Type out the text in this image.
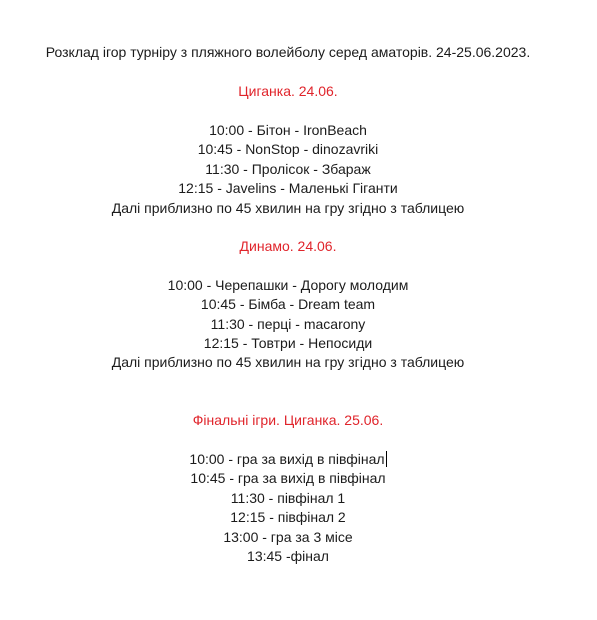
Розклад ігор турніру з пляжного волейболу серед аматорів. 24-25.06.2023.
Циганка. 24.06.
10:00 - Бітон - IronBeach
10:45 - NonStop - dinozavriki
11:30 - Пролісок - Збараж
12:15 - Javelins - Маленькі Гіганти
Далі приблизно по 45 хвилин на гру згідно з таблицею
Динамо. 24.06.
10:00 - Черепашки - Дорогу молодим
10:45 - Бімба - Dream team
11:30 - перці - macarony
12:15 - Товтри - Непосиди
Далі приблизно по 45 хвилин на гру згідно з таблицею
Фінальні ігри. Циганка. 25.06.
10:00 - гра за вихід в півфінал
10:45 - гра за вихід в півфінал
11:30 - півфінал 1
12:15 - півфінал 2
13:00 - гра за 3 місе
13:45 -фінал
